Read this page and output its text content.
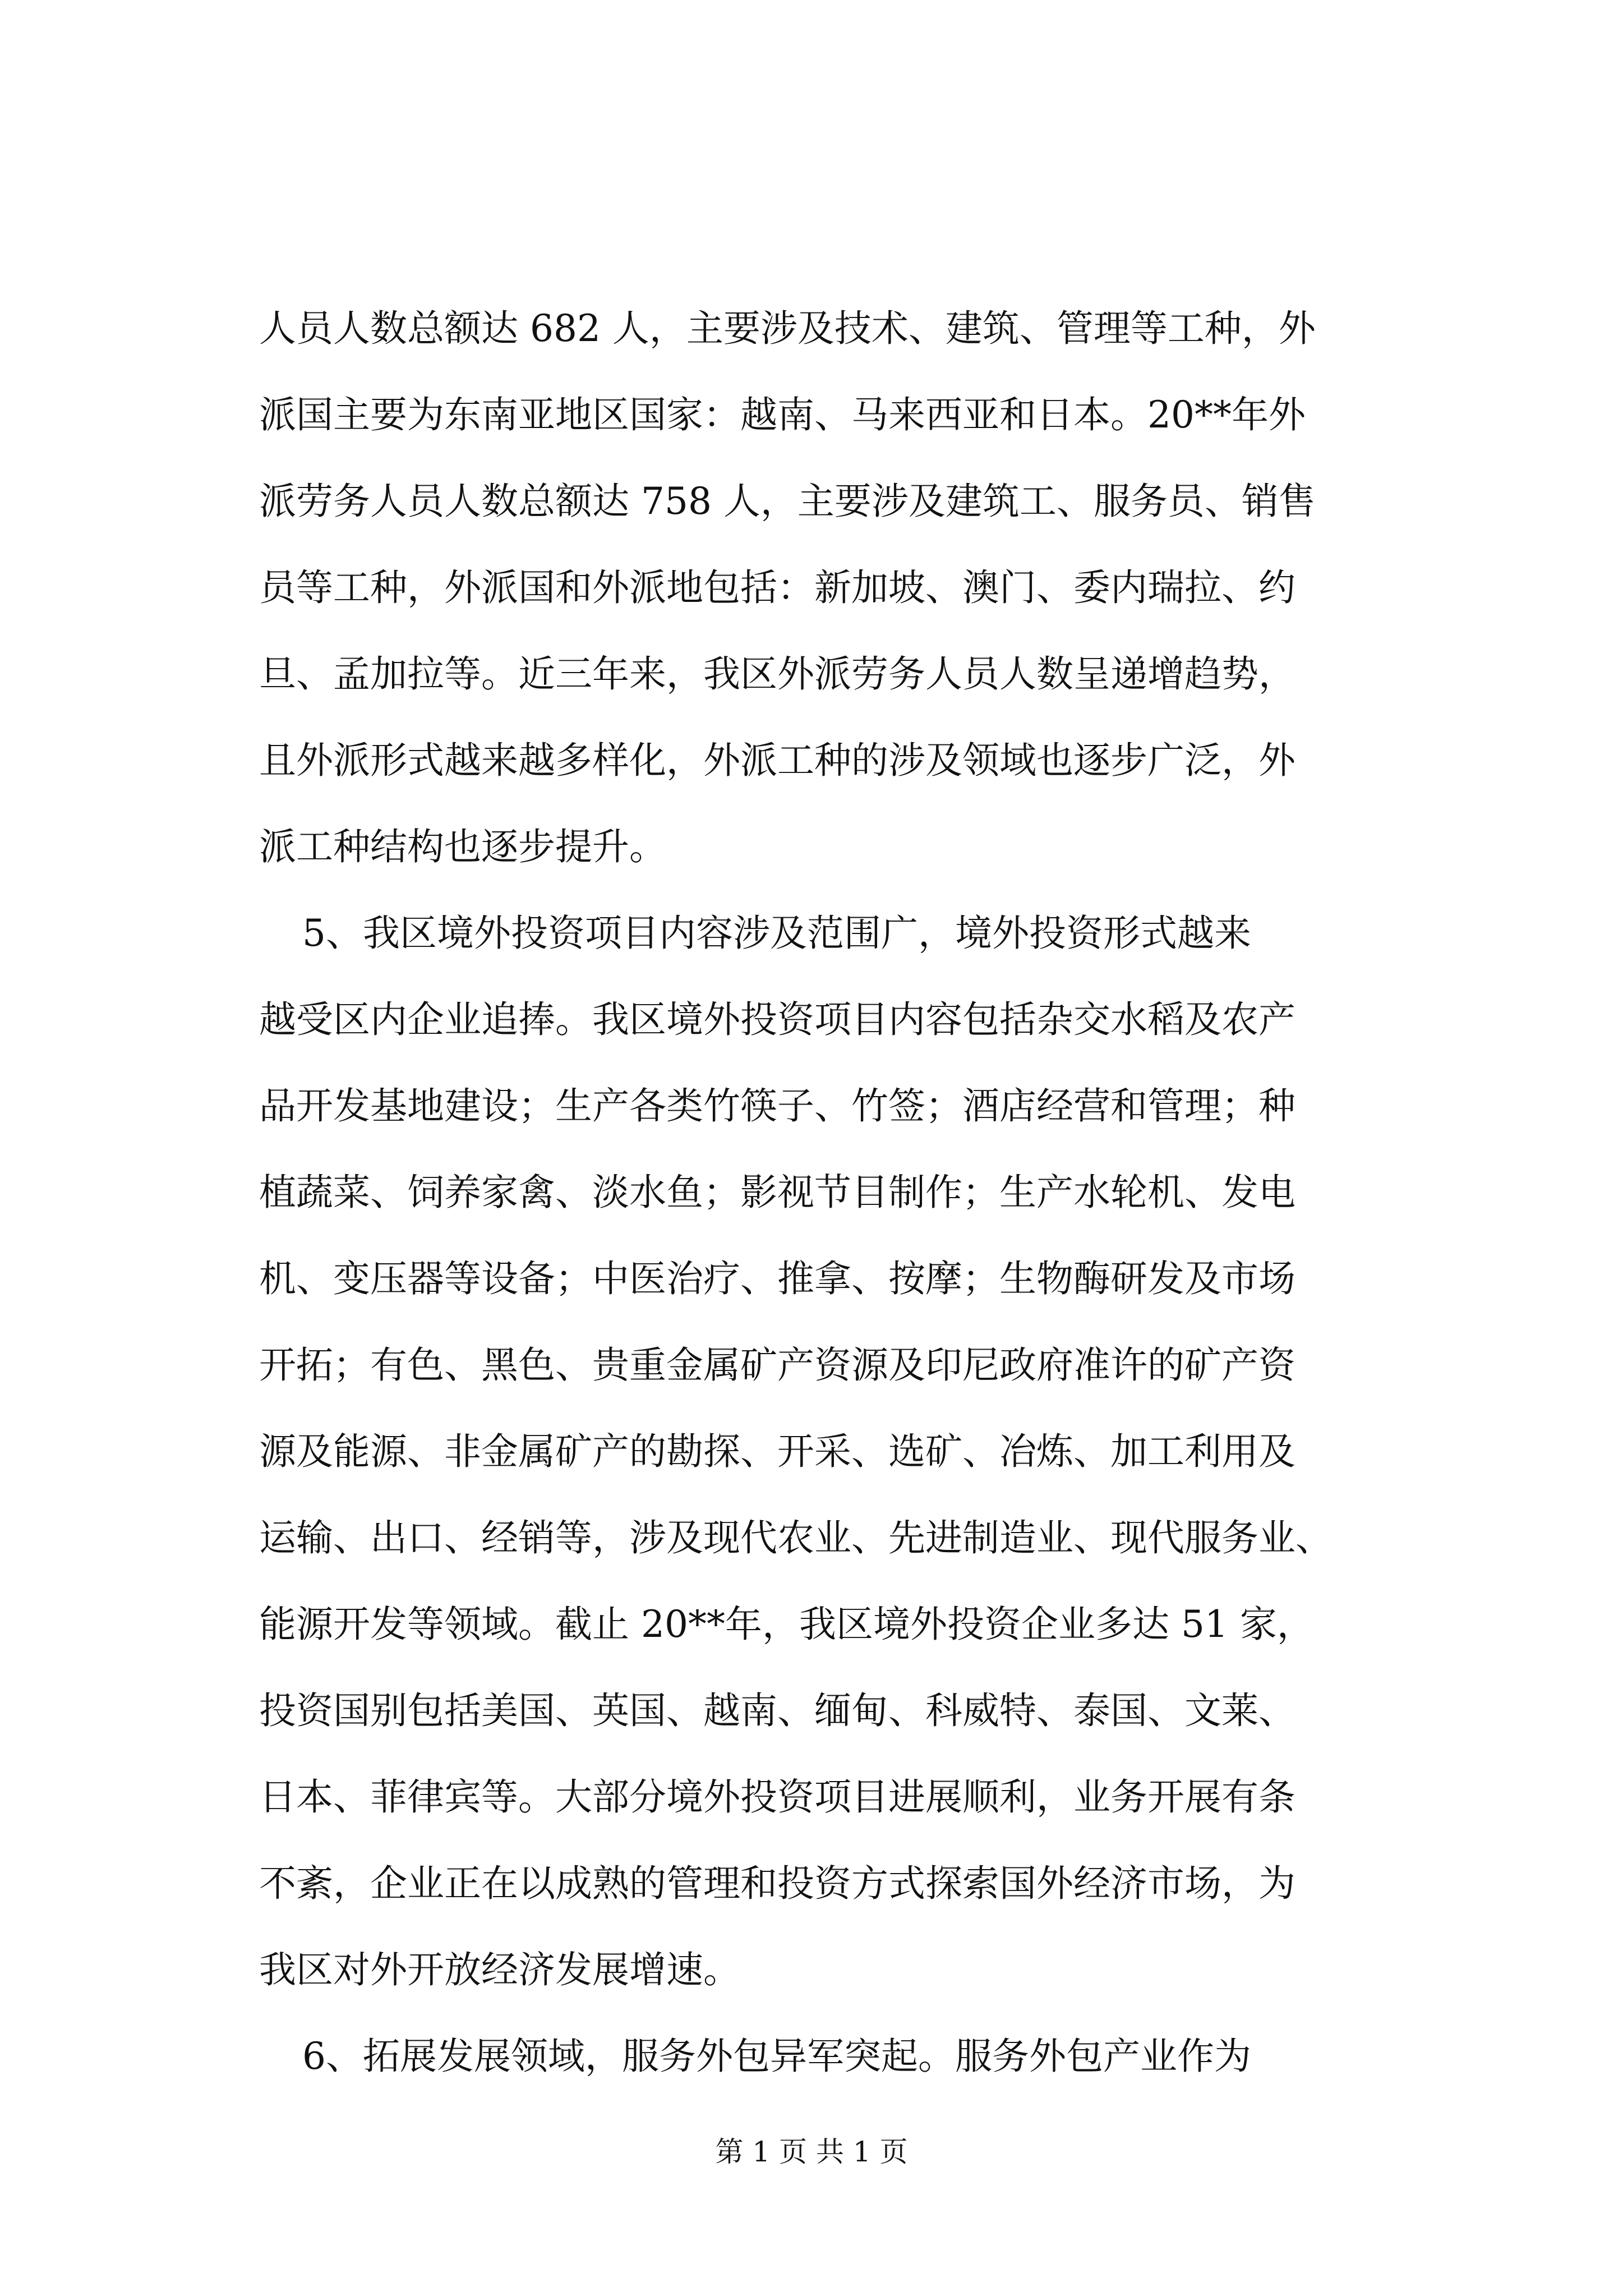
人员人数总额达 682 人，主要涉及技术、建筑、管理等工种，外
派国主要为东南亚地区国家：越南、马来西亚和日本。20**年外
派劳务人员人数总额达 758 人，主要涉及建筑工、服务员、销售
员等工种，外派国和外派地包括：新加坡、澳门、委内瑞拉、约
旦、孟加拉等。近三年来，我区外派劳务人员人数呈递增趋势，
且外派形式越来越多样化，外派工种的涉及领域也逐步广泛，外
派工种结构也逐步提升。
5、我区境外投资项目内容涉及范围广，境外投资形式越来
越受区内企业追捧。我区境外投资项目内容包括杂交水稻及农产
品开发基地建设；生产各类竹筷子、竹签；酒店经营和管理；种
植蔬菜、饲养家禽、淡水鱼；影视节目制作；生产水轮机、发电
机、变压器等设备；中医治疗、推拿、按摩；生物酶研发及市场
开拓；有色、黑色、贵重金属矿产资源及印尼政府准许的矿产资
源及能源、非金属矿产的勘探、开采、选矿、冶炼、加工利用及
运输、出口、经销等，涉及现代农业、先进制造业、现代服务业、
能源开发等领域。截止 20**年，我区境外投资企业多达 51 家，
投资国别包括美国、英国、越南、缅甸、科威特、泰国、文莱、
日本、菲律宾等。大部分境外投资项目进展顺利，业务开展有条
不紊，企业正在以成熟的管理和投资方式探索国外经济市场，为
我区对外开放经济发展增速。
6、拓展发展领域，服务外包异军突起。服务外包产业作为
第 1 页 共 1 页
